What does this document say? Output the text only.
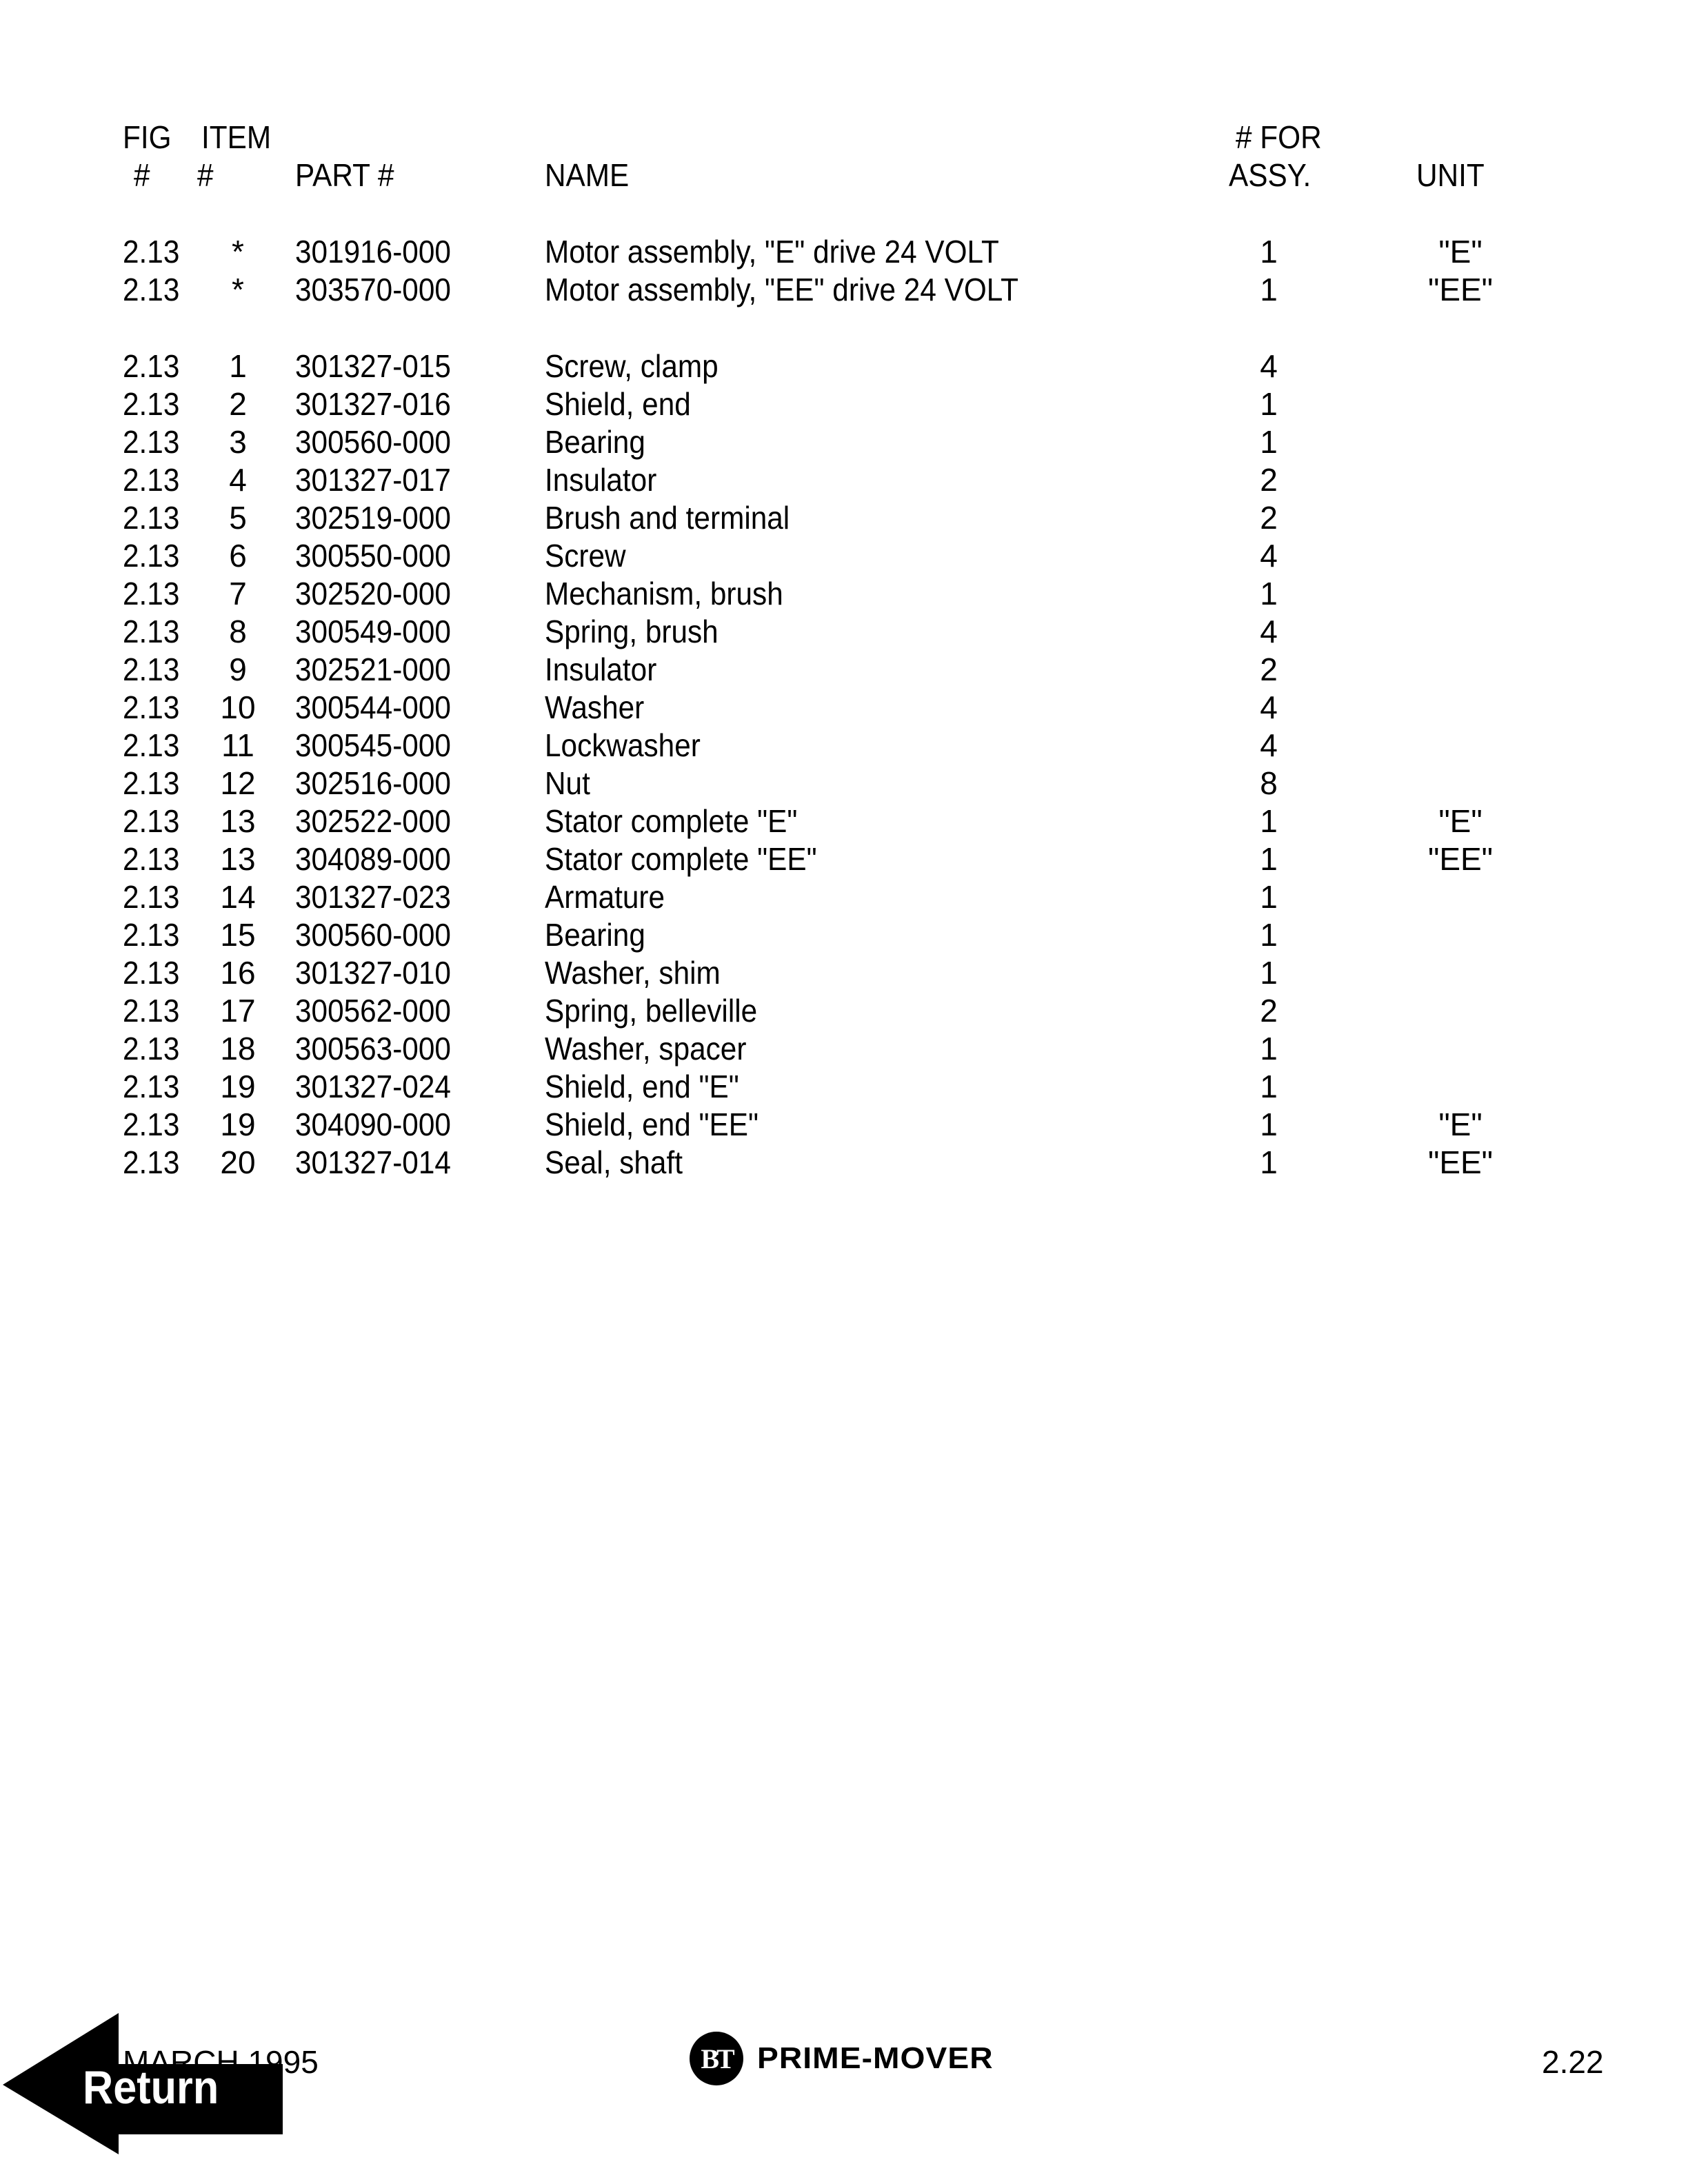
FIG ITEM	# FOR
# #	PART #	NAME	ASSY.	UNIT
2.13	*	301916-000	Motor assembly, "E" drive 24 VOLT	1	"E"
2.13	*	303570-000	Motor assembly, "EE" drive 24 VOLT	1	"EE"
2.13	1	301327-015	Screw, clamp	4
2.13	2	301327-016	Shield, end	1
2.13	3	300560-000	Bearing	1
2.13	4	301327-017	Insulator	2
2.13	5	302519-000	Brush and terminal	2
2.13	6	300550-000	Screw	4
2.13	7	302520-000	Mechanism, brush	1
2.13	8	300549-000	Spring, brush	4
2.13	9	302521-000	Insulator	2
2.13	10	300544-000	Washer	4
2.13	11	300545-000	Lockwasher	4
2.13	12	302516-000	Nut	8
2.13	13	302522-000	Stator complete "E"	1	"E"
2.13	13	304089-000	Stator complete "EE"	1	"EE"
2.13	14	301327-023	Armature	1
2.13	15	300560-000	Bearing	1
2.13	16	301327-010	Washer, shim	1
2.13	17	300562-000	Spring, belleville	2
2.13	18	300563-000	Washer, spacer	1
2.13	19	301327-024	Shield, end "E"	1
2.13	19	304090-000	Shield, end "EE"	1	"E"
2.13	20	301327-014	Seal, shaft	1	"EE"
MARCH 1995	BT PRIME-MOVER	2.22
Return
